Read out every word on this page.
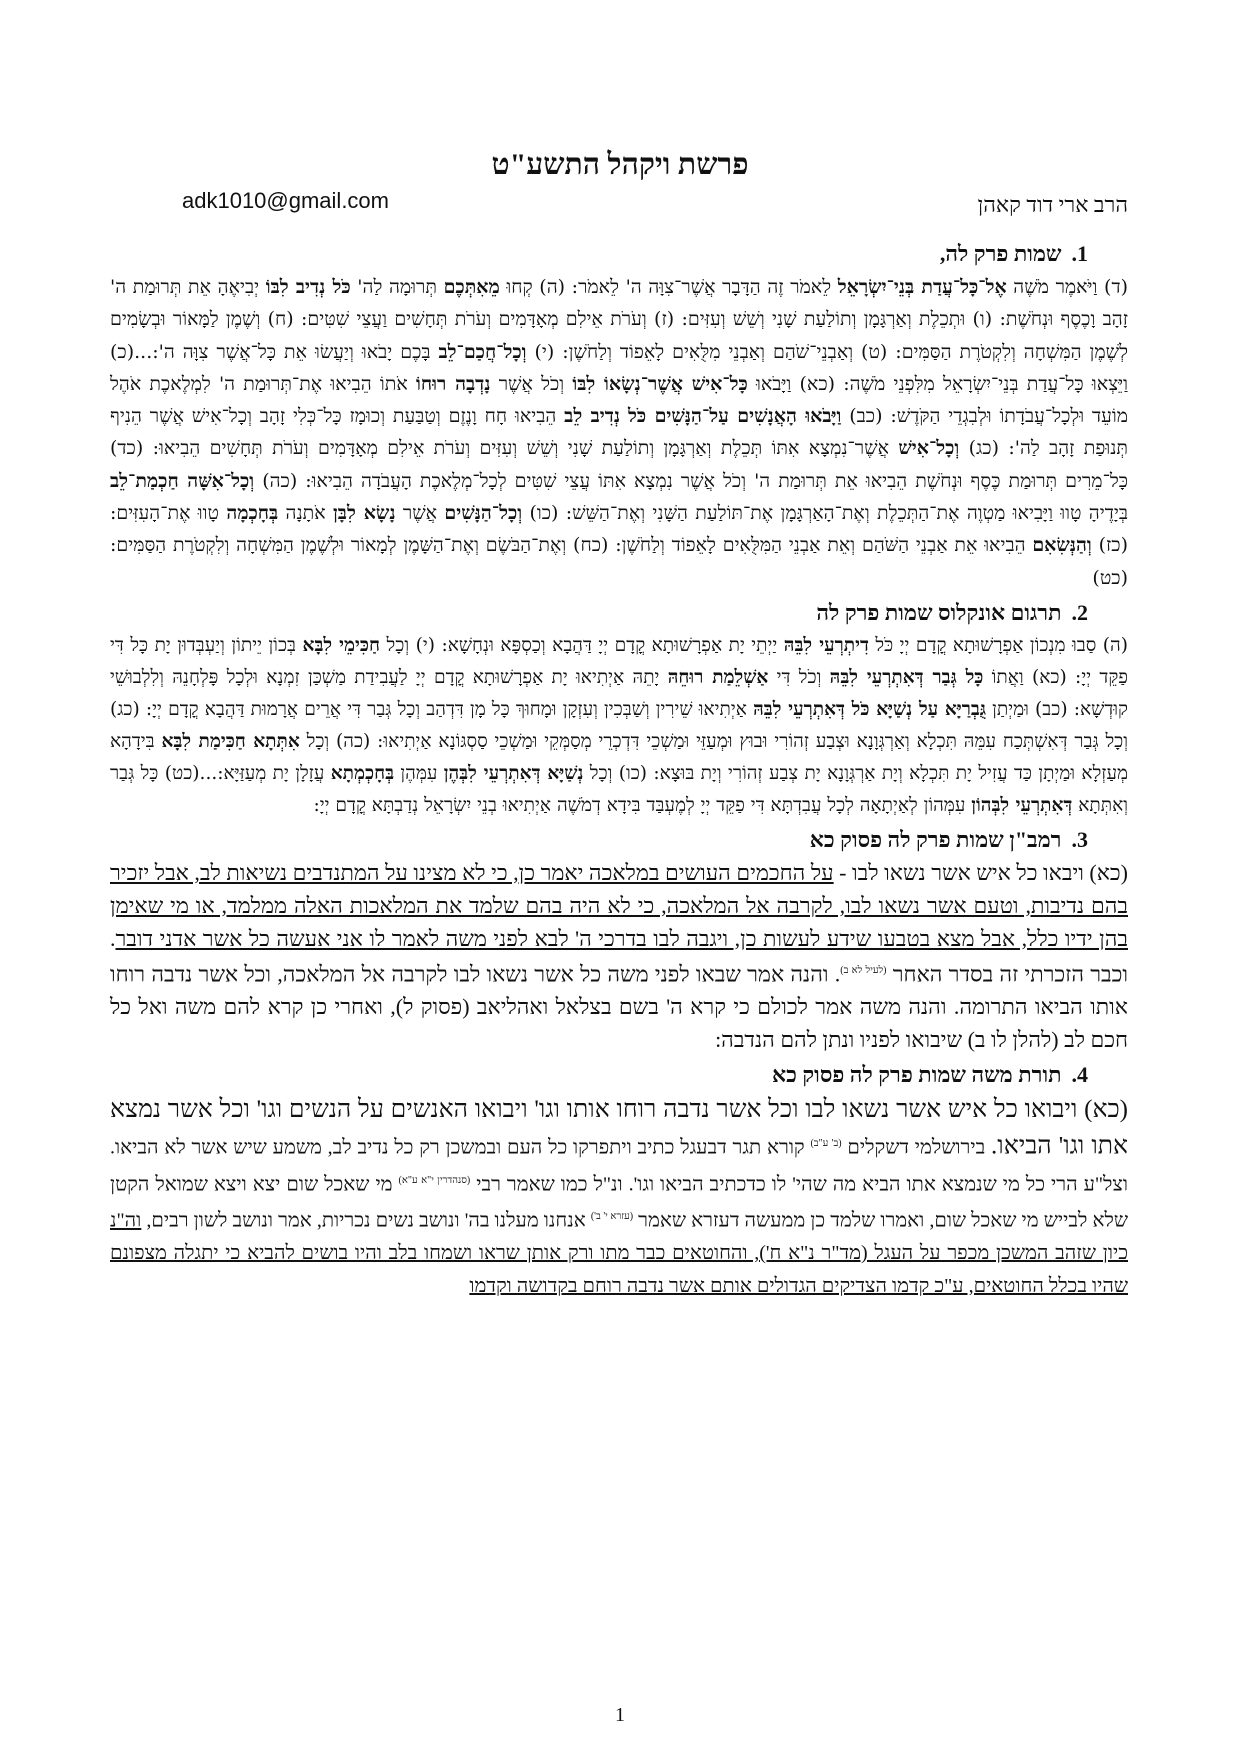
פרשת ויקהל התשע"ט
הרב ארי דוד קאהן
adk1010@gmail.com
1.
שמות פרק לה,

(ד) וַיֹּאמֶר מֹשֶׁה אֶל־כָּל־עֲדַת בְּנֵי־יִשְׂרָאֵל לֵאמֹר זֶה הַדָּבָר אֲשֶׁר־צִוָּה ה' לֵאמֹר: (ה) קְחוּ מֵאִתְּכֶם תְּרוּמָה לַה' כֹּל נְדִיב לִבּוֹ יְבִיאֶהָ אֵת תְּרוּמַת ה' זָהָב וָכֶסֶף וּנְחֹשֶׁת: (ו) וּתְכֵלֶת וְאַרְגָּמָן וְתוֹלַעַת שָׁנִי וְשֵׁשׁ וְעִזִּים: (ז) וְעֹרֹת אֵילִם מְאָדָּמִים וְעֹרֹת תְּחָשִׁים וַעֲצֵי שִׁטִּים: (ח) וְשֶׁמֶן לַמָּאוֹר וּבְשָׂמִים לְשֶׁמֶן הַמִּשְׁחָה וְלִקְטֹרֶת הַסַּמִּים: (ט) וְאַבְנֵי־שֹׁהַם וְאַבְנֵי מִלֻּאִים לָאֵפוֹד וְלַחֹשֶׁן: (י) וְכָל־חֲכַם־לֵב בָּכֶם יָבֹאוּ וְיַעֲשׂוּ אֵת כָּל־אֲשֶׁר צִוָּה ה':...(כ) וַיֵּצְאוּ כָּל־עֲדַת בְּנֵי־יִשְׂרָאֵל מִלִּפְנֵי מֹשֶׁה: (כא) וַיָּבֹאוּ כָּל־אִישׁ אֲשֶׁר־נְשָׂאוֹ לִבּוֹ וְכֹל אֲשֶׁר נָדְבָה רוּחוֹ אֹתוֹ הֵבִיאוּ אֶת־תְּרוּמַת ה' לִמְלֶאכֶת אֹהֶל מוֹעֵד וּלְכָל־עֲבֹדָתוֹ וּלְבִגְדֵי הַקֹּדֶשׁ: (כב) וַיָּבֹאוּ הָאֲנָשִׁים עַל־הַנָּשִׁים כֹּל נְדִיב לֵב הֵבִיאוּ חָח וָנֶזֶם וְטַבַּעַת וְכוּמָז כָּל־כְּלִי זָהָב וְכָל־אִישׁ אֲשֶׁר הֵנִיף תְּנוּפַת זָהָב לַה': (כג) וְכָל־אִישׁ אֲשֶׁר־נִמְצָא אִתּוֹ תְּכֵלֶת וְאַרְגָּמָן וְתוֹלַעַת שָׁנִי וְשֵׁשׁ וְעִזִּים וְעֹרֹת אֵילִם מְאָדָּמִים וְעֹרֹת תְּחָשִׁים הֵבִיאוּ: (כד) כָּל־מֵרִים תְּרוּמַת כֶּסֶף וּנְחֹשֶׁת הֵבִיאוּ אֵת תְּרוּמַת ה' וְכֹל אֲשֶׁר נִמְצָא אִתּוֹ עֲצֵי שִׁטִּים לְכָל־מְלֶאכֶת הָעֲבֹדָה הֵבִיאוּ: (כה) וְכָל־אִשָּׁה חַכְמַת־לֵב בְּיָדֶיהָ טָווּ וַיָּבִיאוּ מַטְוֶה אֶת־הַתְּכֵלֶת וְאֶת־הָאַרְגָּמָן אֶת־תּוֹלַעַת הַשָּׁנִי וְאֶת־הַשֵּׁשׁ: (כו) וְכָל־הַנָּשִׁים אֲשֶׁר נָשָׂא לִבָּן אֹתָנָה בְּחָכְמָה טָווּ אֶת־הָעִזִּים: (כז) וְהַנְּשִׂאִם הֵבִיאוּ אֵת אַבְנֵי הַשֹּׁהַם וְאֵת אַבְנֵי הַמִּלֻּאִים לָאֵפוֹד וְלַחֹשֶׁן: (כח) וְאֶת־הַבֹּשֶׂם וְאֶת־הַשָּׁמֶן לְמָאוֹר וּלְשֶׁמֶן הַמִּשְׁחָה וְלִקְטֹרֶת הַסַּמִּים: (כט)

2.
תרגום אונקלוס שמות פרק לה

(ה) סַבוּ מִנְכוֹן אַפְרָשׁוּתָא קֳדָם יְיָ כֹּל דִיתְרְעֵי לִבֵּהּ יַיְתֵי יָת אַפְרָשׁוּתָא קֳדָם יְיָ דַּהֲבָא וְכַסְפָּא וּנְחָשָׁא: (י) וְכָל חַכִּימֵי לִבָּא בְּכוֹן יֵיתוֹן וְיַעְבְּדוּן יָת כָּל דִּי פַקֵּד יְיָ: (כא) וַאֲתוֹ כָּל גְּבַר דְּאִתְרְעֵי לִבֵּהּ וְכֹל דִּי אַשְׁלֵמַת רוּחֵהּ יָתֵהּ אַיְתִיאוּ יָת אַפְרָשׁוּתָא קֳדָם יְיָ לַעֲבִידַת מַשְׁכַּן זִמְנָא וּלְכָל פָּלְחָנֵהּ וְלִלְבוּשֵׁי קוּדְשָׁא: (כב) וּמַיְתַן גֻּבְרַיָּא עַל נְשַׁיָּא כֹּל דְּאִתְרְעֵי לִבֵּהּ אַיְתִיאוּ שֵׁירִין וְשַׁבְּכִין וְעִזְקָן וּמָחוּךְ כָּל מָן דִּדְהַב וְכָל גְּבַר דִּי אֲרֵים אֲרָמוּת דַּהֲבָא קֳדָם יְיָ: (כג) וְכָל גְּבַר דְּאִשְׁתְּכַח עִמֵּהּ תִּכְלָא וְאַרְגְּוָנָא וּצְבַע זְהוֹרִי וּבוּץ וּמְעַזֵּי וּמַשְׁכֵי דִּדְכְרֵי מְסַמְּקֵי וּמַשְׁכֵי סַסְגּוֹנָא אַיְתִיאוּ: (כה) וְכָל אִתְּתָא חַכִּימַת לִבָּא בִּידָהָא מְעַזְלָא וּמַיְתָן כַּד עֲזִיל יָת תִּכְלָא וְיָת אַרְגְּוָנָא יָת צְבַע זְהוֹרִי וְיָת בּוּצָא: (כו) וְכָל נְשַׁיָּא דְּאִתְרְעֵי לִבְּהֶן עִמְּהֶן בְּחָכְמְתָא עֲזָלָן יָת מְעַזַּיָּא:...(כט) כָּל גְּבַר וְאִתְּתָא דְּאִתְרְעֵי לִבְּהוֹן עִמְּהוֹן לְאַיְתָאָה לְכָל עֲבִדְתָּא דִּי פַקֵּד יְיָ לְמֶעְבַּד בִּידָא דְמֹשֶׁה אַיְתִיאוּ בְנֵי יִשְׂרָאֵל נְדַבְתָּא קֳדָם יְיָ:

3.
רמב"ן שמות פרק לה פסוק כא

(כא) ויבאו כל איש אשר נשאו לבו - על החכמים העושים במלאכה יאמר כן, כי לא מצינו על המתנדבים נשיאות לב, אבל יזכיר בהם נדיבות, וטעם אשר נשאו לבו, לקרבה אל המלאכה, כי לא היה בהם שלמד את המלאכות האלה ממלמד, או מי שאימן בהן ידיו כלל, אבל מצא בטבעו שידע לעשות כן, ויגבה לבו בדרכי ה' לבא לפני משה לאמר לו אני אעשה כל אשר אדני דובר. וכבר הזכרתי זה בסדר האחר $^{(לעיל לא ב)}$. והנה אמר שבאו לפני משה כל אשר נשאו לבו לקרבה אל המלאכה, וכל אשר נדבה רוחו אותו הביאו התרומה. והנה משה אמר לכולם כי קרא ה' בשם בצלאל ואהליאב (פסוק ל), ואחרי כן קרא להם משה ואל כל חכם לב (להלן לו ב) שיבואו לפניו ונתן להם הנדבה:

4.
תורת משה שמות פרק לה פסוק כא

(כא) ויבואו כל איש אשר נשאו לבו וכל אשר נדבה רוחו אותו וגו' ויבואו האנשים על הנשים וגו' וכל אשר נמצא אתו וגו' הביאו. בירושלמי דשקלים $^{(ב' ע"ב)}$ קורא תגר דבעגל כתיב ויתפרקו כל העם ובמשכן רק כל נדיב לב, משמע שיש אשר לא הביאו. וצל"ע הרי כל מי שנמצא אתו הביא מה שהי' לו כדכתיב הביאו וגו'. ונ"ל כמו שאמר רבי $^{(סנהדרין י"א ע"א)}$ מי שאכל שום יצא ויצא שמואל הקטן שלא לבייש מי שאכל שום, ואמרו שלמד כן ממעשה דעזרא שאמר $^{(עזרא י' ב')}$ אנחנו מעלנו בה' ונושב נשים נכריות, אמר ונושב לשון רבים, וה"נ כיון שזהב המשכן מכפר על העגל (מד"ר נ"א ח'), והחוטאים כבר מתו ורק אותן שראו ושמחו בלב והיו בושים להביא כי יתגלה מצפונם שהיו בכלל החוטאים, ע"כ קדמו הצדיקים הגדולים אותם אשר נדבה רוחם בקדושה וקדמו

1
